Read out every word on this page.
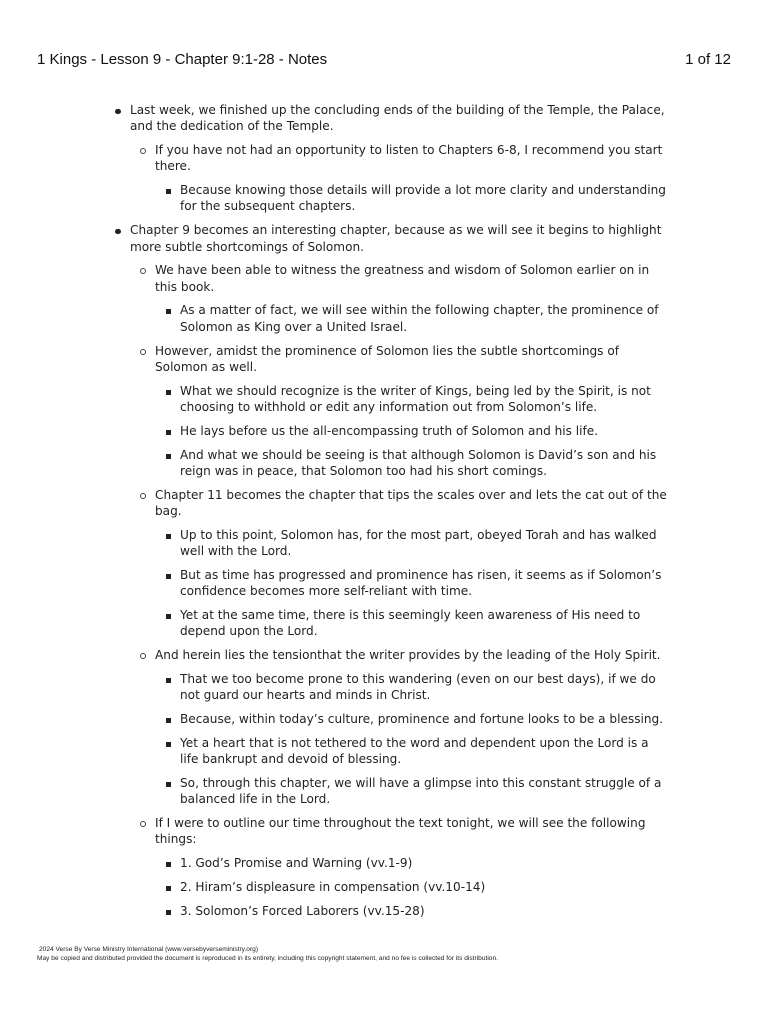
1 Kings - Lesson 9 - Chapter 9:1-28 - Notes	1 of 12
Last week, we finished up the concluding ends of the building of the Temple, the Palace, and the dedication of the Temple.
If you have not had an opportunity to listen to Chapters 6-8, I recommend you start there.
Because knowing those details will provide a lot more clarity and understanding for the subsequent chapters.
Chapter 9 becomes an interesting chapter, because as we will see it begins to highlight more subtle shortcomings of Solomon.
We have been able to witness the greatness and wisdom of Solomon earlier on in this book.
As a matter of fact, we will see within the following chapter, the prominence of Solomon as King over a United Israel.
However, amidst the prominence of Solomon lies the subtle shortcomings of Solomon as well.
What we should recognize is the writer of Kings, being led by the Spirit, is not choosing to withhold or edit any information out from Solomon’s life.
He lays before us the all-encompassing truth of Solomon and his life.
And what we should be seeing is that although Solomon is David’s son and his reign was in peace, that Solomon too had his short comings.
Chapter 11 becomes the chapter that tips the scales over and lets the cat out of the bag.
Up to this point, Solomon has, for the most part, obeyed Torah and has walked well with the Lord.
But as time has progressed and prominence has risen, it seems as if Solomon’s confidence becomes more self-reliant with time.
Yet at the same time, there is this seemingly keen awareness of His need to depend upon the Lord.
And herein lies the tensionthat the writer provides by the leading of the Holy Spirit.
That we too become prone to this wandering (even on our best days), if we do not guard our hearts and minds in Christ.
Because, within today’s culture, prominence and fortune looks to be a blessing.
Yet a heart that is not tethered to the word and dependent upon the Lord is a life bankrupt and devoid of blessing.
So, through this chapter, we will have a glimpse into this constant struggle of a balanced life in the Lord.
If I were to outline our time throughout the text tonight, we will see the following things:
1. God’s Promise and Warning (vv.1-9)
2. Hiram’s displeasure in compensation (vv.10-14)
3. Solomon’s Forced Laborers (vv.15-28)
2024 Verse By Verse Ministry International (www.versebyverseministry.org)
May be copied and distributed provided the document is reproduced in its entirety, including this copyright statement, and no fee is collected for its distribution.
